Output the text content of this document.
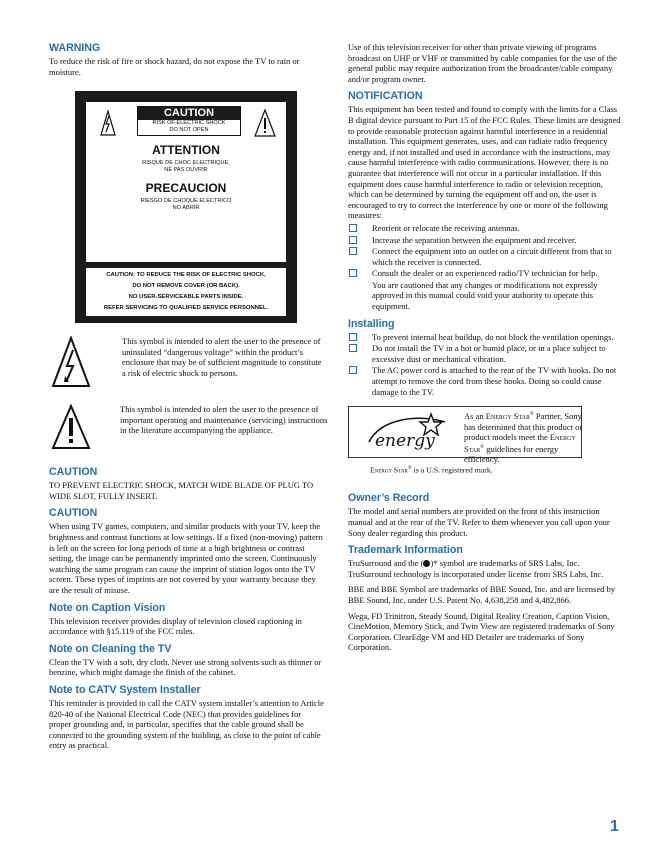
WARNING

To reduce the risk of fire or shock hazard, do not expose the TV to rain or moisture.

CAUTION
RISK OF ELECTRIC SHOCK
DO NOT OPEN
ATTENTION
RISQUE DE CHOC ELECTRIQUE,
NE PAS OUVRIR
PRECAUCION
RIESGO DE CHOQUE ELECTRICO
NO ABRIR
CAUTION: TO REDUCE THE RISK OF ELECTRIC SHOCK,
DO NOT REMOVE COVER (OR BACK).
NO USER-SERVICEABLE PARTS INSIDE.
REFER SERVICING TO QUALIFIED SERVICE PERSONNEL.
This symbol is intended to alert the user to the presence of uninsulated “dangerous voltage” within the product’s enclosure that may be of sufficient magnitude to constitute a risk of electric shock to persons.
This symbol is intended to alert the user to the presence of important operating and maintenance (servicing) instructions in the literature accompanying the appliance.
CAUTION

TO PREVENT ELECTRIC SHOCK, MATCH WIDE BLADE OF PLUG TO WIDE SLOT, FULLY INSERT.

CAUTION

When using TV games, computers, and similar products with your TV, keep the brightness and contrast functions at low settings. If a fixed (non-moving) pattern is left on the screen for long periods of time at a high brightness or contrast setting, the image can be permanently imprinted onto the screen. Continuously watching the same program can cause the imprint of station logos onto the TV screen. These types of imprints are not covered by your warranty because they are the result of misuse.

Note on Caption Vision

This television receiver provides display of television closed captioning in accordance with §15.119 of the FCC rules.

Note on Cleaning the TV

Clean the TV with a soft, dry cloth. Never use strong solvents such as thinner or benzine, which might damage the finish of the cabinet.

Note to CATV System Installer

This reminder is provided to call the CATV system installer’s attention to Article 820-40 of the National Electrical Code (NEC) that provides guidelines for proper grounding and, in particular, specifies that the cable ground shall be connected to the grounding system of the building, as close to the point of cable entry as practical.

Use of this television receiver for other than private viewing of programs broadcast on UHF or VHF or transmitted by cable companies for the use of the general public may require authorization from the broadcaster/cable company and/or program owner.

NOTIFICATION

This equipment has been tested and found to comply with the limits for a Class B digital device pursuant to Part 15 of the FCC Rules. These limits are designed to provide reasonable protection against harmful interference in a residential installation. This equipment generates, uses, and can radiate radio frequency energy and, if not installed and used in accordance with the instructions, may cause harmful interference with radio communications. However, there is no guarantee that interference will not occur in a particular installation. If this equipment does cause harmful interference to radio or television reception, which can be determined by turning the equipment off and on, the user is encouraged to try to correct the interference by one or more of the following measures:

Reorient or relocate the receiving antennas.
Increase the separation between the equipment and receiver.
Connect the equipment into an outlet on a circuit different from that to which the receiver is connected.
Consult the dealer or an experienced radio/TV technician for help.

You are cautioned that any changes or modifications not expressly approved in this manual could void your authority to operate this equipment.

Installing
To prevent internal heat buildup, do not block the ventilation openings.
Do not install the TV in a hot or humid place, or in a place subject to excessive dust or mechanical vibration.
The AC power cord is attached to the rear of the TV with hooks. Do not attempt to remove the cord from these hooks. Doing so could cause damage to the TV.
energy
As an Energy Star® Partner, Sony has determined that this product or product models meet the Energy Star® guidelines for energy efficiency.

Energy Star® is a U.S. registered mark.

Owner’s Record

The model and serial numbers are provided on the front of this instruction manual and at the rear of the TV. Refer to them whenever you call upon your Sony dealer regarding this product.

Trademark Information

TruSurround and the ( )* symbol are trademarks of SRS Labs, Inc. TruSurround technology is incorporated under license from SRS Labs, Inc.

BBE and BBE Symbol are trademarks of BBE Sound, Inc. and are licensed by BBE Sound, Inc. under U.S. Patent No. 4,638,258 and 4,482,866.

Wega, FD Trinitron, Steady Sound, Digital Reality Creation, Caption Vision, CineMotion, Memory Stick, and Twin View are registered trademarks of Sony Corporation. ClearEdge VM and HD Detailer are trademarks of Sony Corporation.

1
